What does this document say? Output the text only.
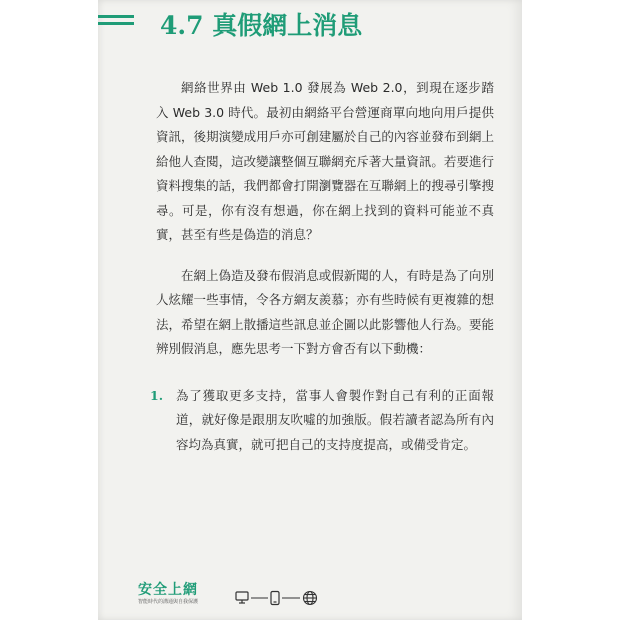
4.7 真假網上消息

網絡世界由 Web 1.0 發展為 Web 2.0，到現在逐步踏入 Web 3.0 時代。最初由網絡平台營運商單向地向用戶提供資訊，後期演變成用戶亦可創建屬於自己的內容並發布到網上給他人查閱，這改變讓整個互聯網充斥著大量資訊。若要進行資料搜集的話，我們都會打開瀏覽器在互聯網上的搜尋引擎搜尋。可是，你有沒有想過，你在網上找到的資料可能並不真實，甚至有些是偽造的消息？

在網上偽造及發布假消息或假新聞的人，有時是為了向別人炫耀一些事情，令各方網友羨慕；亦有些時候有更複雜的想法，希望在網上散播這些訊息並企圖以此影響他人行為。要能辨別假消息，應先思考一下對方會否有以下動機：

1. 為了獲取更多支持，當事人會製作對自己有利的正面報道，就好像是跟朋友吹噓的加強版。假若讀者認為所有內容均為真實，就可把自己的支持度提高，或備受肯定。
安全上網
智能時代的溝通與自我保護
